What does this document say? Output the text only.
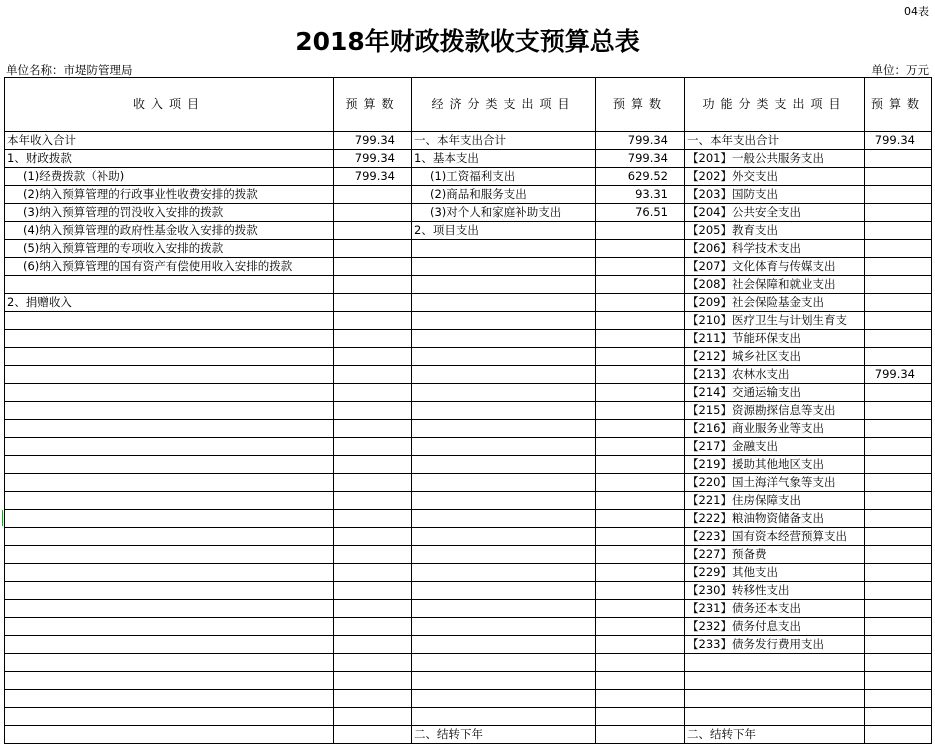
04表
2018年财政拨款收支预算总表
单位名称：市堤防管理局	单位：万元
收入项目	预算数	经济分类支出项目	预算数	功能分类支出项目	预算数
本年收入合计	799.34	一、本年支出合计	799.34	一、本年支出合计	799.34
1、财政拨款	799.34	1、基本支出	799.34	【201】一般公共服务支出	
(1)经费拨款（补助)	799.34	(1)工资福利支出	629.52	【202】外交支出	
(2)纳入预算管理的行政事业性收费安排的拨款		(2)商品和服务支出	93.31	【203】国防支出	
(3)纳入预算管理的罚没收入安排的拨款		(3)对个人和家庭补助支出	76.51	【204】公共安全支出	
(4)纳入预算管理的政府性基金收入安排的拨款		2、项目支出		【205】教育支出	
(5)纳入预算管理的专项收入安排的拨款				【206】科学技术支出	
(6)纳入预算管理的国有资产有偿使用收入安排的拨款				【207】文化体育与传媒支出	
				【208】社会保障和就业支出	
2、捐赠收入				【209】社会保险基金支出	
				【210】医疗卫生与计划生育支	
				【211】节能环保支出	
				【212】城乡社区支出	
				【213】农林水支出	799.34
				【214】交通运输支出	
				【215】资源勘探信息等支出	
				【216】商业服务业等支出	
				【217】金融支出	
				【219】援助其他地区支出	
				【220】国土海洋气象等支出	
				【221】住房保障支出	
				【222】粮油物资储备支出	
				【223】国有资本经营预算支出	
				【227】预备费	
				【229】其他支出	
				【230】转移性支出	
				【231】债务还本支出	
				【232】债务付息支出	
				【233】债务发行费用支出	

		二、结转下年		二、结转下年	
